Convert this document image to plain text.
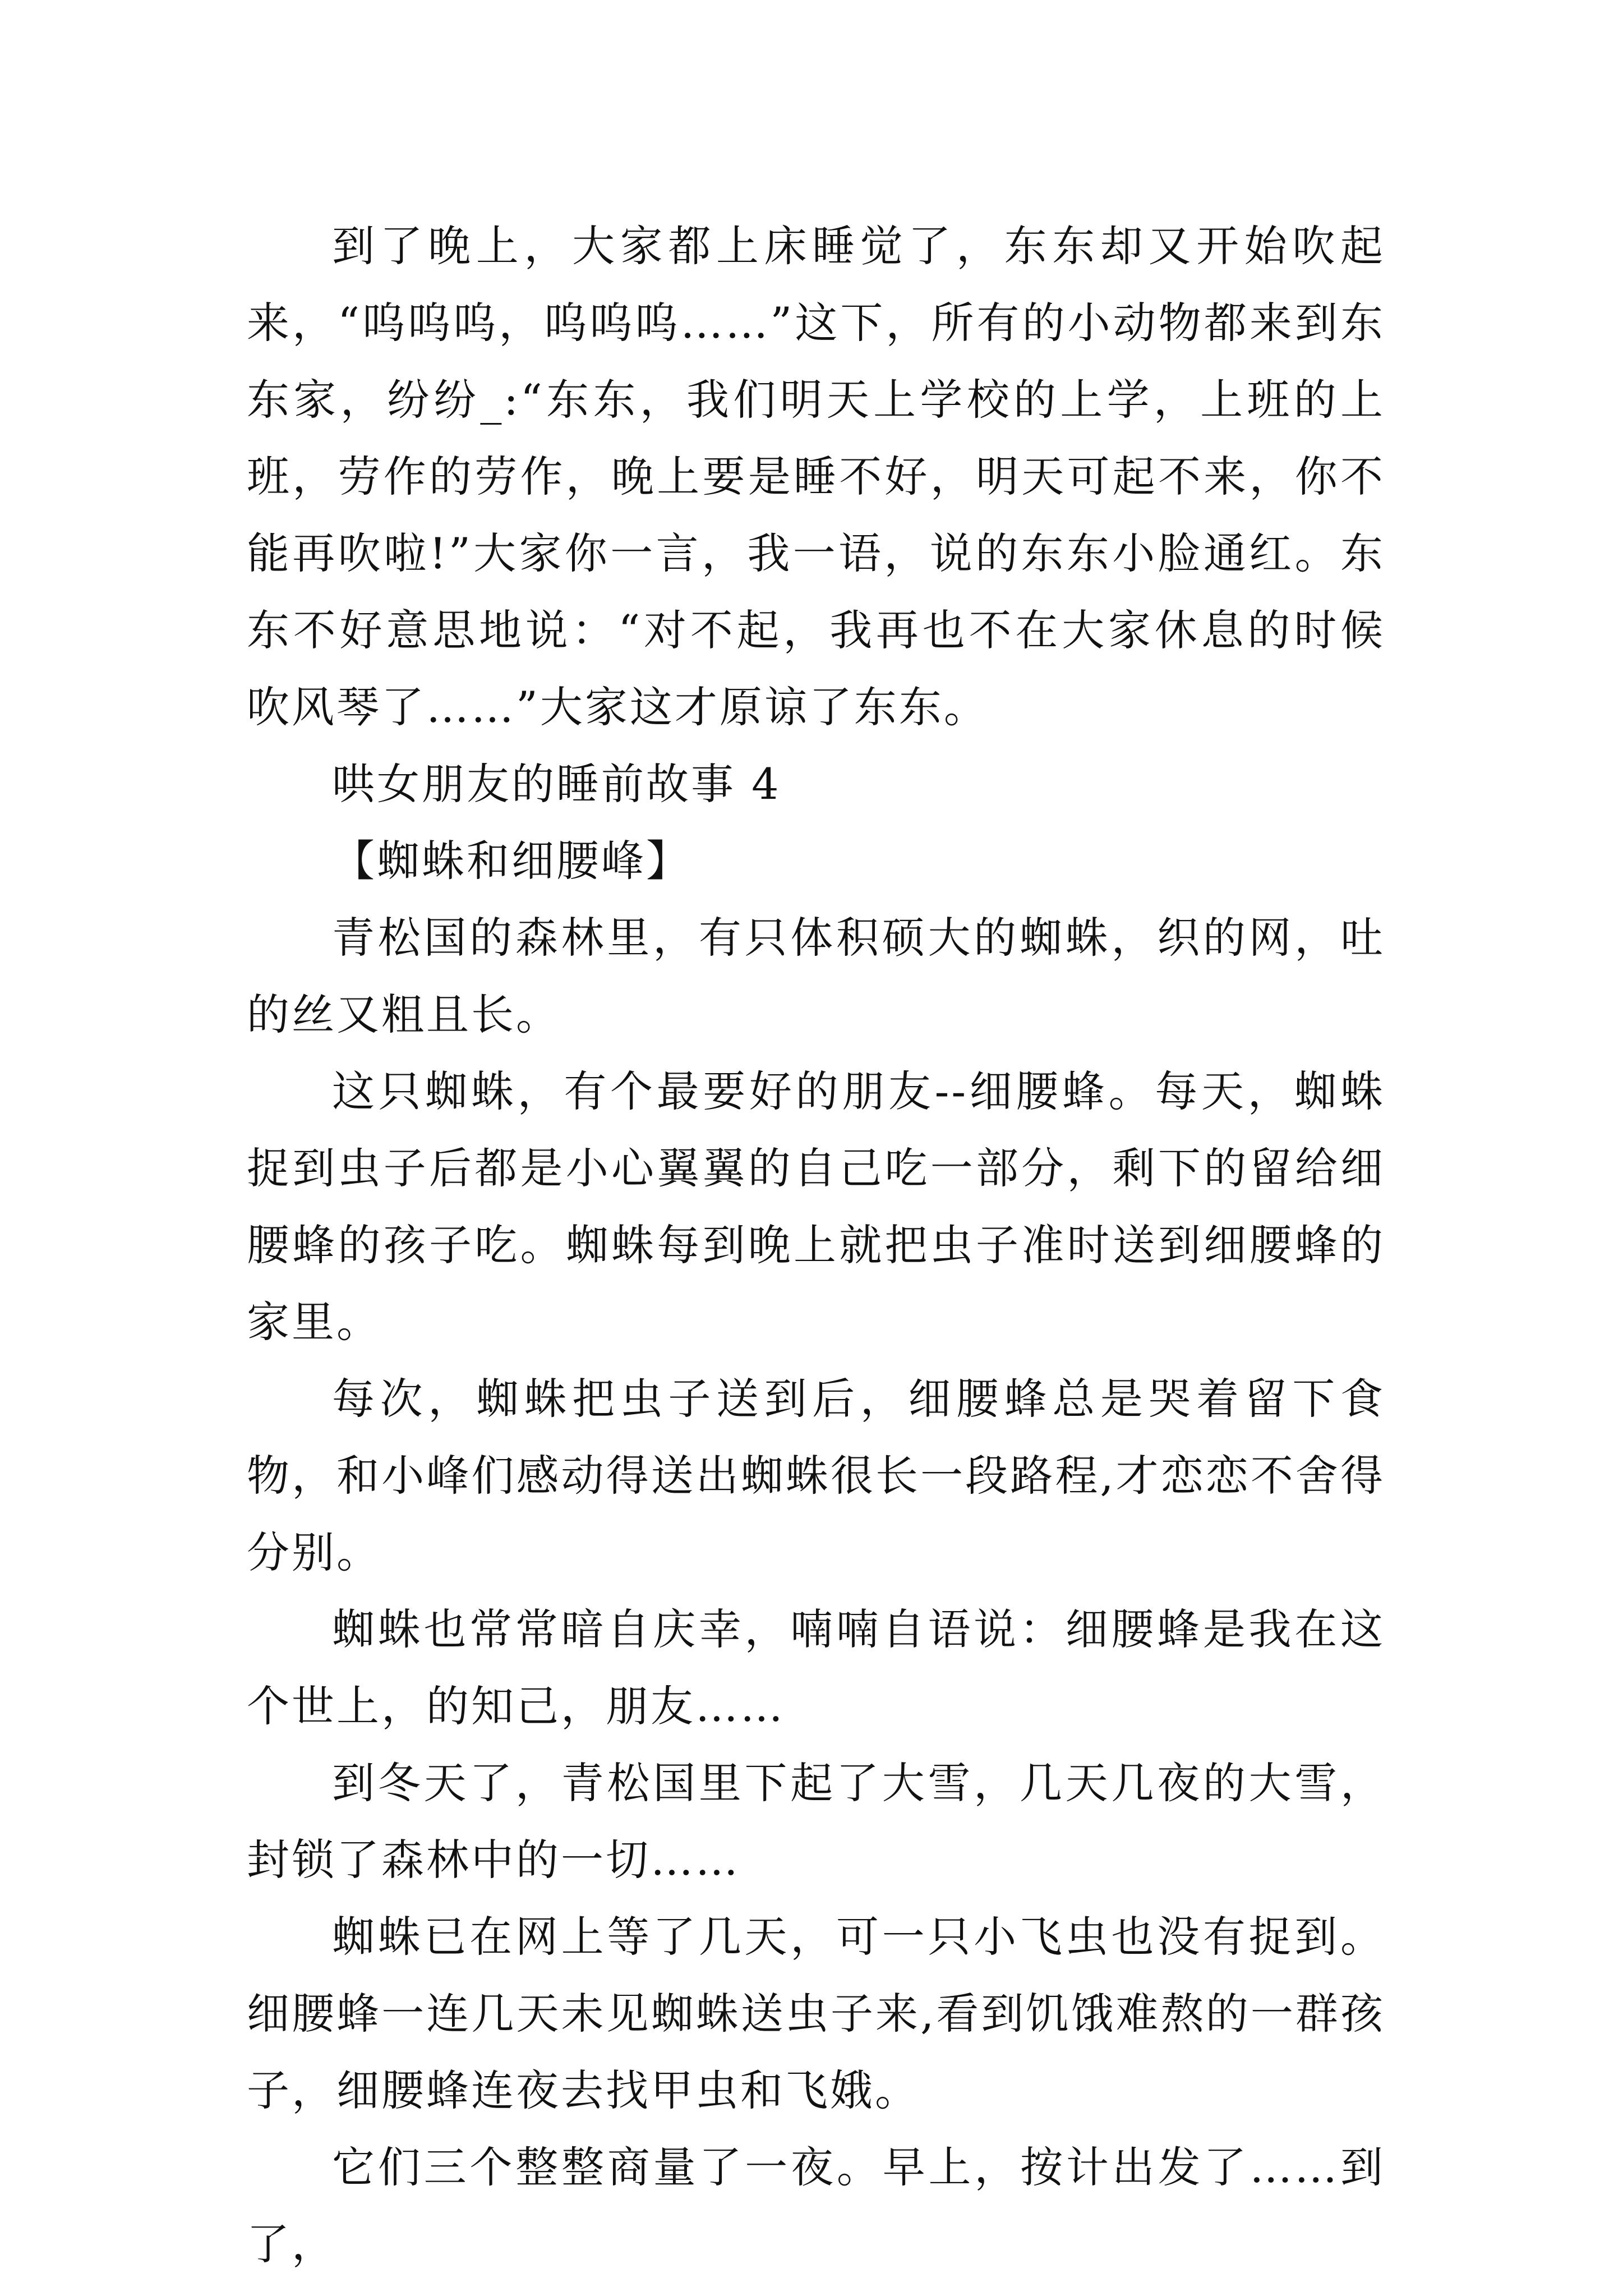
到了晚上，大家都上床睡觉了，东东却又开始吹起来，“呜呜呜，呜呜呜……”这下，所有的小动物都来到东东家，纷纷_:“东东，我们明天上学校的上学，上班的上班，劳作的劳作，晚上要是睡不好，明天可起不来，你不能再吹啦!”大家你一言，我一语，说的东东小脸通红。东东不好意思地说：“对不起，我再也不在大家休息的时候吹风琴了……”大家这才原谅了东东。

哄女朋友的睡前故事 4

【蜘蛛和细腰峰】

青松国的森林里，有只体积硕大的蜘蛛，织的网，吐的丝又粗且长。

这只蜘蛛，有个最要好的朋友--细腰蜂。每天，蜘蛛捉到虫子后都是小心翼翼的自己吃一部分，剩下的留给细腰蜂的孩子吃。蜘蛛每到晚上就把虫子准时送到细腰蜂的家里。

每次，蜘蛛把虫子送到后，细腰蜂总是哭着留下食物，和小峰们感动得送出蜘蛛很长一段路程,才恋恋不舍得分别。

蜘蛛也常常暗自庆幸，喃喃自语说：细腰蜂是我在这个世上，的知己，朋友……

到冬天了，青松国里下起了大雪，几天几夜的大雪，封锁了森林中的一切……

蜘蛛已在网上等了几天，可一只小飞虫也没有捉到。细腰蜂一连几天未见蜘蛛送虫子来,看到饥饿难熬的一群孩子，细腰蜂连夜去找甲虫和飞娥。

它们三个整整商量了一夜。早上，按计出发了……到了，
